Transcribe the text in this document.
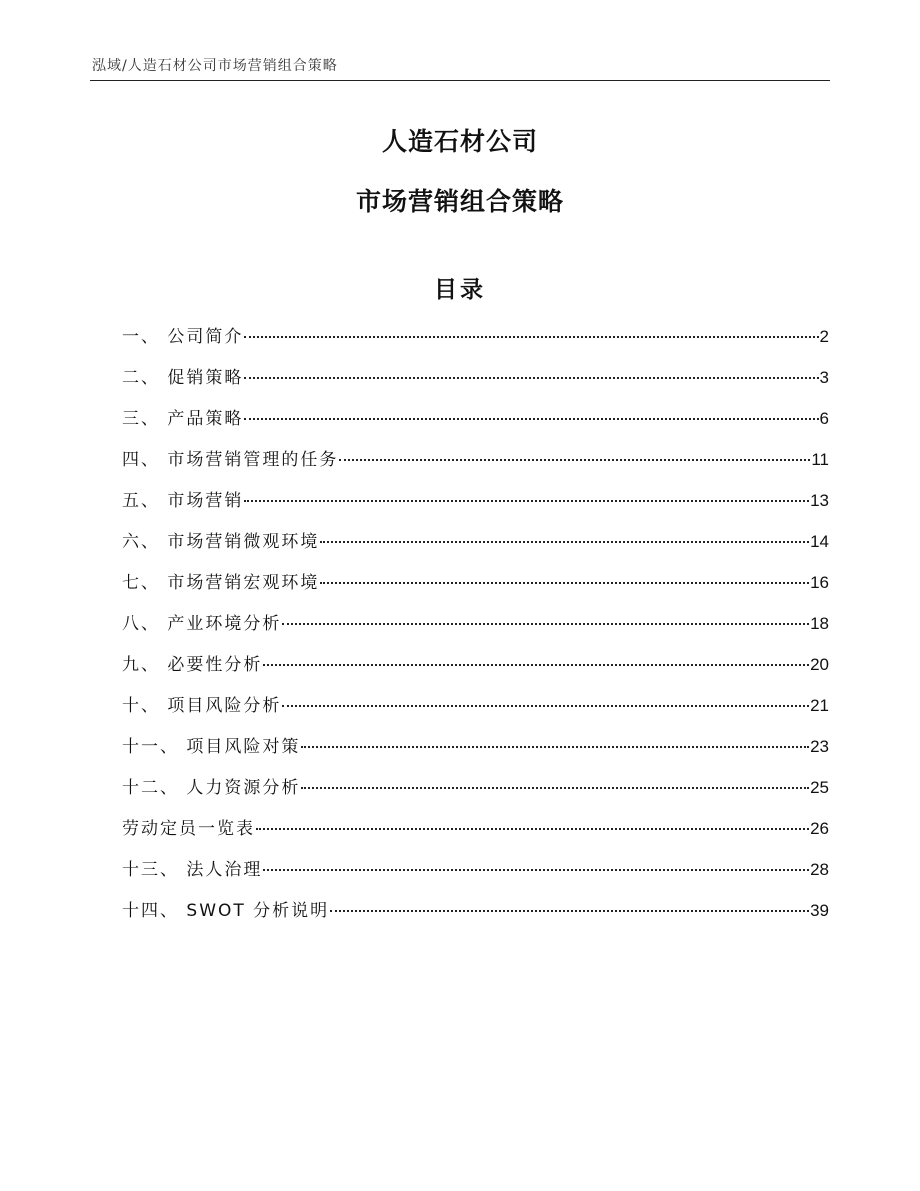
泓域/人造石材公司市场营销组合策略
人造石材公司
市场营销组合策略
目录
一、 公司简介	2
二、 促销策略	3
三、 产品策略	6
四、 市场营销管理的任务	11
五、 市场营销	13
六、 市场营销微观环境	14
七、 市场营销宏观环境	16
八、 产业环境分析	18
九、 必要性分析	20
十、 项目风险分析	21
十一、 项目风险对策	23
十二、 人力资源分析	25
劳动定员一览表	26
十三、 法人治理	28
十四、 SWOT 分析说明	39
